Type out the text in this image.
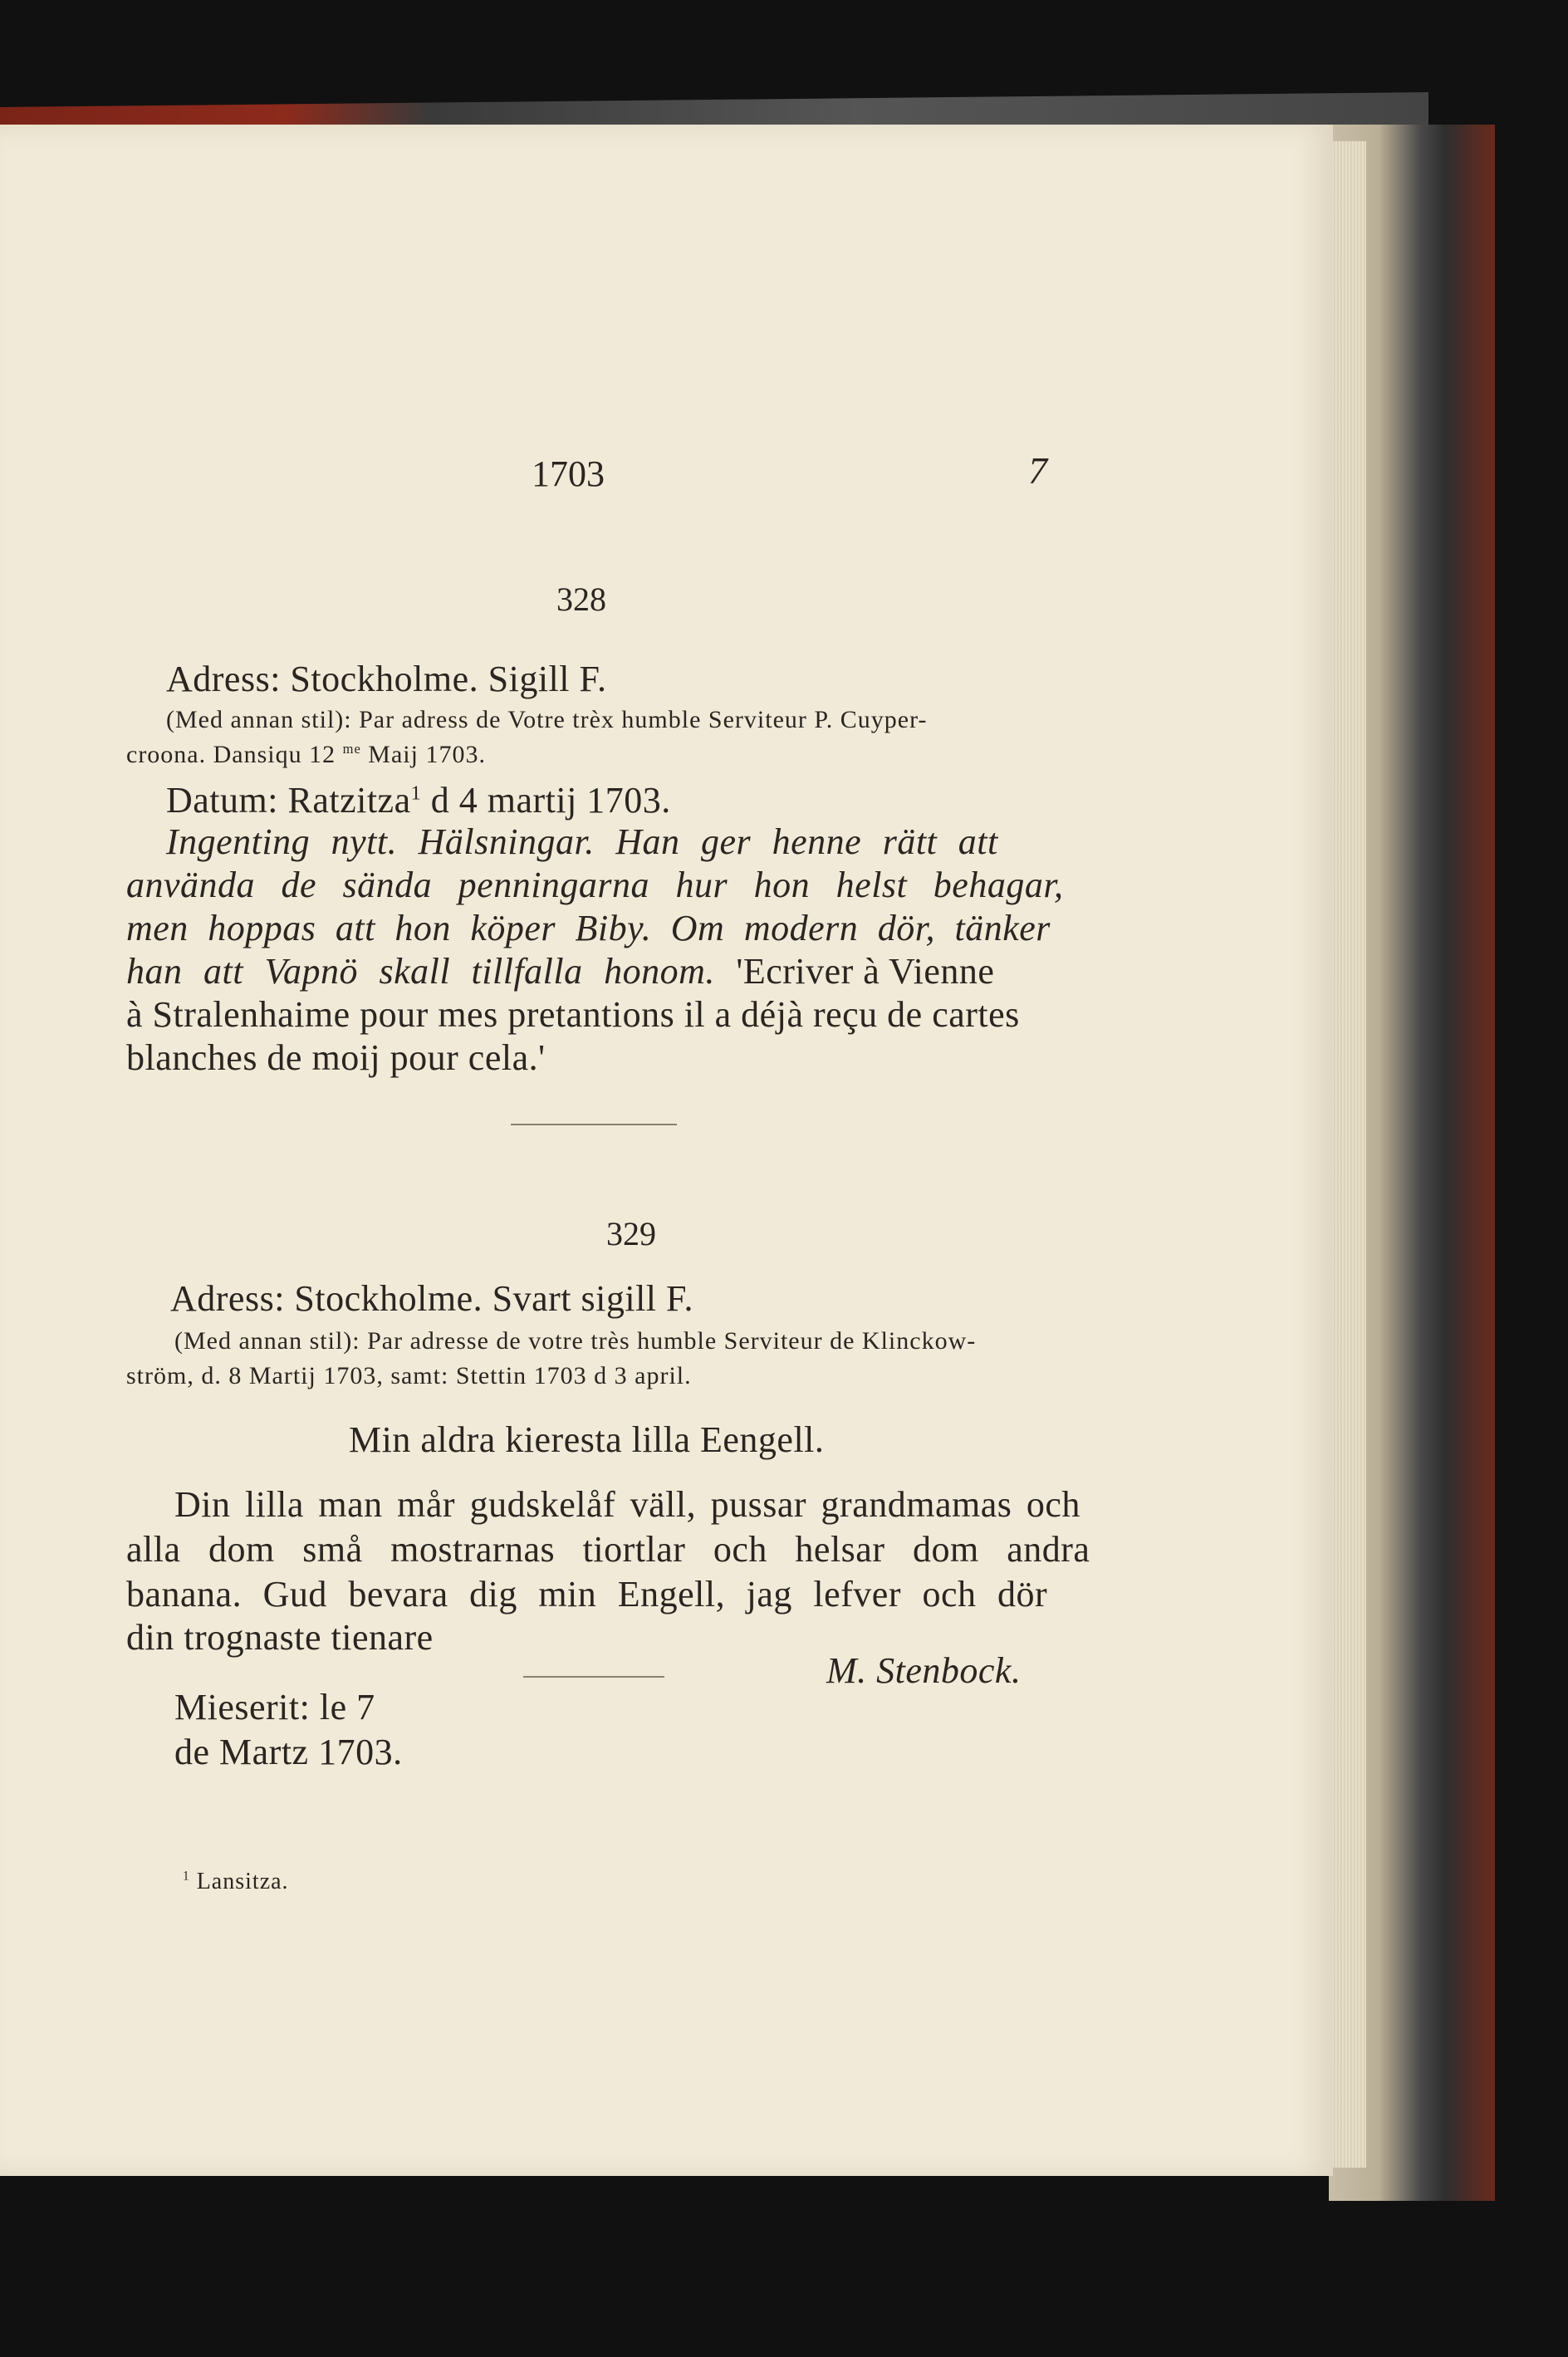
1703	7
328
Adress: Stockholme. Sigill F.
(Med annan stil): Par adress de Votre trèx humble Serviteur P. Cuyper-
croona. Dansiqu 12 $^{me}$ Maij 1703.
Datum: Ratzitza$^1$ d 4 martij 1703.
Ingenting nytt. Hälsningar. Han ger henne rätt att
använda de sända penningarna hur hon helst behagar,
men hoppas att hon köper Biby. Om modern dör, tänker
han att Vapnö skall tillfalla honom. 'Ecriver à Vienne
à Stralenhaime pour mes pretantions il a déjà reçu de cartes
blanches de moij pour cela.'
329
Adress: Stockholme. Svart sigill F.
(Med annan stil): Par adresse de votre très humble Serviteur de Klinckow-
ström, d. 8 Martij 1703, samt: Stettin 1703 d 3 april.
Min aldra kieresta lilla Eengell.
Din lilla man mår gudskelåf väll, pussar grandmamas och
alla dom små mostrarnas tiortlar och helsar dom andra
banana. Gud bevara dig min Engell, jag lefver och dör
din trognaste tienare
M. Stenbock.
Mieserit: le 7
de Martz 1703.
$^1$ Lansitza.
